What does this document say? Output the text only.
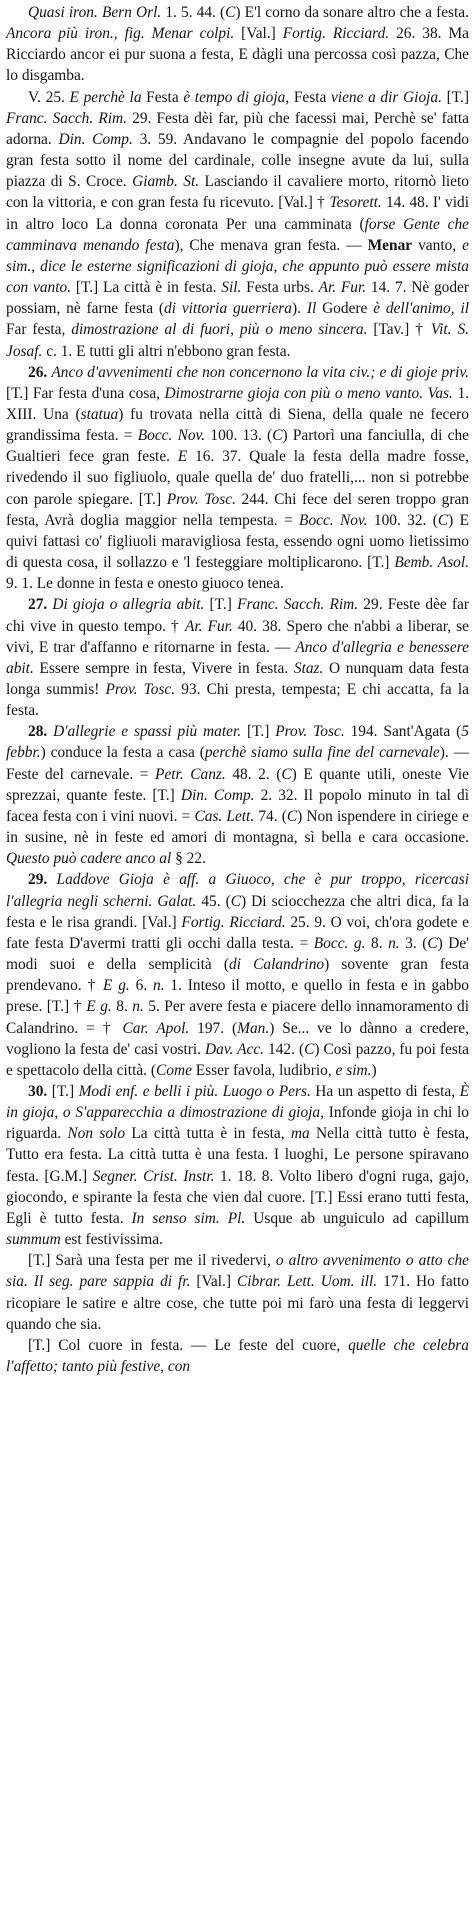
Quasi iron. Bern Orl. 1. 5. 44. (C) E'l corno da sonare altro che a festa. Ancora più iron., fig. Menar colpi. [Val.] Fortig. Ricciard. 26. 38. Ma Ricciardo ancor ei pur suona a festa, E dàgli una percossa così pazza, Che lo disgamba.

V. 25. E perchè la Festa è tempo di gioja, Festa viene a dir Gioja. [T.] Franc. Sacch. Rim. 29. Festa dèi far, più che facessi mai, Perchè se' fatta adorna. Din. Comp. 3. 59. Andavano le compagnie del popolo facendo gran festa sotto il nome del cardinale, colle insegne avute da lui, sulla piazza di S. Croce. Giamb. St. Lasciando il cavaliere morto, ritornò lieto con la vittoria, e con gran festa fu ricevuto. [Val.] † Tesorett. 14. 48. I' vidi in altro loco La donna coronata Per una camminata (forse Gente che camminava menando festa), Che menava gran festa. — Menar vanto, e sim., dice le esterne significazioni di gioja, che appunto può essere mista con vanto. [T.] La città è in festa. Sil. Festa urbs. Ar. Fur. 14. 7. Nè goder possiam, nè farne festa (di vittoria guerriera). Il Godere è dell'animo, il Far festa, dimostrazione al di fuori, più o meno sincera. [Tav.] † Vit. S. Josaf. c. 1. E tutti gli altri n'ebbono gran festa.

26. Anco d'avvenimenti che non concernono la vita civ.; e di gioje priv. [T.] Far festa d'una cosa, Dimostrarne gioja con più o meno vanto. Vas. 1. XIII. Una (statua) fu trovata nella città di Siena, della quale ne fecero grandissima festa. = Bocc. Nov. 100. 13. (C) Partorì una fanciulla, di che Gualtieri fece gran feste. E 16. 37. Quale la festa della madre fosse, rivedendo il suo figliuolo, quale quella de' duo fratelli,... non si potrebbe con parole spiegare. [T.] Prov. Tosc. 244. Chi fece del seren troppo gran festa, Avrà doglia maggior nella tempesta. = Bocc. Nov. 100. 32. (C) E quivi fattasi co' figliuoli maravigliosa festa, essendo ogni uomo lietissimo di questa cosa, il sollazzo e 'l festeggiare moltiplicarono. [T.] Bemb. Asol. 9. 1. Le donne in festa e onesto giuoco tenea.

27. Di gioja o allegria abit. [T.] Franc. Sacch. Rim. 29. Feste dèe far chi vive in questo tempo. † Ar. Fur. 40. 38. Spero che n'abbi a liberar, se vivi, E trar d'affanno e ritornarne in festa. — Anco d'allegria e benessere abit. Essere sempre in festa, Vivere in festa. Staz. O nunquam data festa longa summis! Prov. Tosc. 93. Chi presta, tempesta; E chi accatta, fa la festa.

28. D'allegrie e spassi più mater. [T.] Prov. Tosc. 194. Sant'Agata (5 febbr.) conduce la festa a casa (perchè siamo sulla fine del carnevale). — Feste del carnevale. = Petr. Canz. 48. 2. (C) E quante utili, oneste Vie sprezzai, quante feste. [T.] Din. Comp. 2. 32. Il popolo minuto in tal dì facea festa con i vini nuovi. = Cas. Lett. 74. (C) Non ispendere in ciriege e in susine, nè in feste ed amori di montagna, sì bella e cara occasione. Questo può cadere anco al § 22.

29. Laddove Gioja è aff. a Giuoco, che è pur troppo, ricercasi l'allegria negli scherni. Galat. 45. (C) Di sciocchezza che altri dica, fa la festa e le risa grandi. [Val.] Fortig. Ricciard. 25. 9. O voi, ch'ora godete e fate festa D'avermi tratti gli occhi dalla testa. = Bocc. g. 8. n. 3. (C) De' modi suoi e della semplicità (di Calandrino) sovente gran festa prendevano. † E g. 6. n. 1. Inteso il motto, e quello in festa e in gabbo prese. [T.] † E g. 8. n. 5. Per avere festa e piacere dello innamoramento di Calandrino. = † Car. Apol. 197. (Man.) Se... ve lo dànno a credere, vogliono la festa de' casi vostri. Dav. Acc. 142. (C) Così pazzo, fu poi festa e spettacolo della città. (Come Esser favola, ludibrio, e sim.)

30. [T.] Modi enf. e belli i più. Luogo o Pers. Ha un aspetto di festa, È in gioja, o S'apparecchia a dimostrazione di gioja, Infonde gioja in chi lo riguarda. Non solo La città tutta è in festa, ma Nella città tutto è festa, Tutto era festa. La città tutta è una festa. I luoghi, Le persone spiravano festa. [G.M.] Segner. Crist. Instr. 1. 18. 8. Volto libero d'ogni ruga, gajo, giocondo, e spirante la festa che vien dal cuore. [T.] Essi erano tutti festa, Egli è tutto festa. In senso sim. Pl. Usque ab unguiculo ad capillum summum est festivissima.

[T.] Sarà una festa per me il rivedervi, o altro avvenimento o atto che sia. Il seg. pare sappia di fr. [Val.] Cibrar. Lett. Uom. ill. 171. Ho fatto ricopiare le satire e altre cose, che tutte poi mi farò una festa di leggervi quando che sia.

[T.] Col cuore in festa. — Le feste del cuore, quelle che celebra l'affetto; tanto più festive, con
